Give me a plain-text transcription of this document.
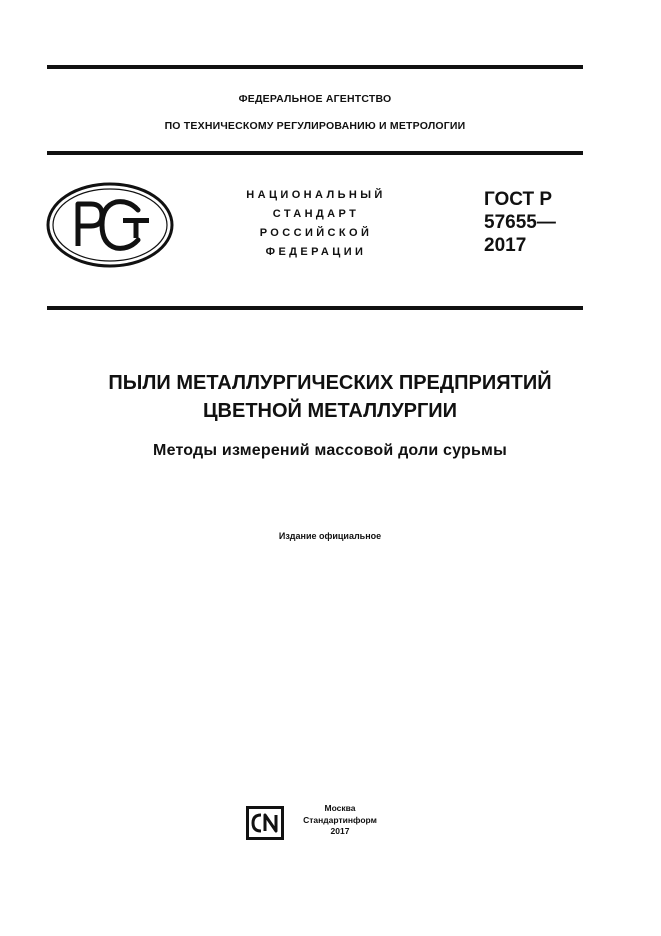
ФЕДЕРАЛЬНОЕ АГЕНТСТВО
ПО ТЕХНИЧЕСКОМУ РЕГУЛИРОВАНИЮ И МЕТРОЛОГИИ
НАЦИОНАЛЬНЫЙ
СТАНДАРТ
РОССИЙСКОЙ
ФЕДЕРАЦИИ
ГОСТ Р
57655—
2017
ПЫЛИ МЕТАЛЛУРГИЧЕСКИХ ПРЕДПРИЯТИЙ
ЦВЕТНОЙ МЕТАЛЛУРГИИ
Методы измерений массовой доли сурьмы
Издание официальное
Москва
Стандартинформ
2017
